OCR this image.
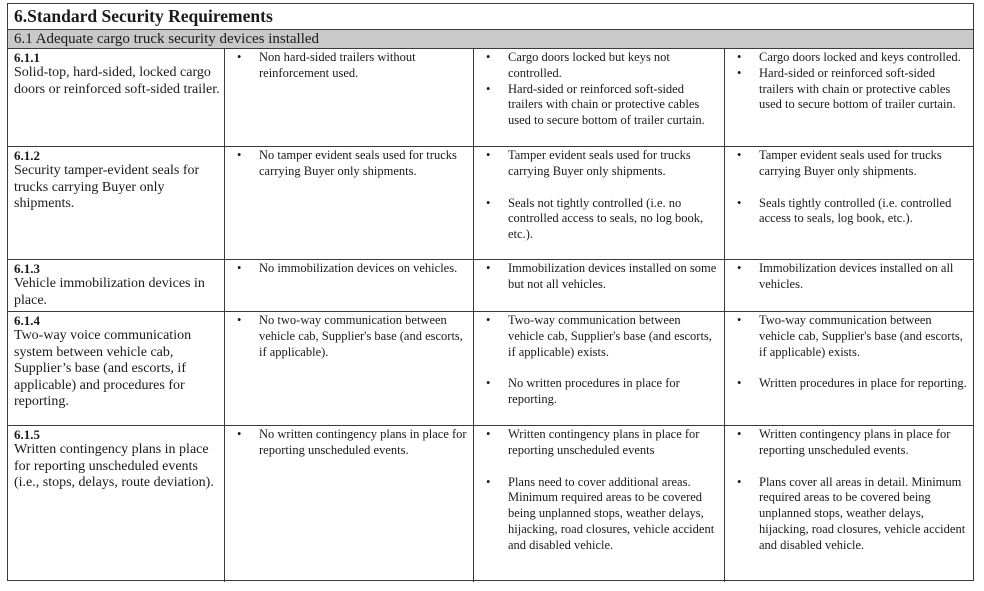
6.Standard Security Requirements
6.1 Adequate cargo truck security devices installed
6.1.1
Solid-top, hard-sided, locked cargo doors or reinforced soft-sided trailer.
• Non hard-sided trailers without reinforcement used.
• Cargo doors locked but keys not controlled.
• Hard-sided or reinforced soft-sided trailers with chain or protective cables used to secure bottom of trailer curtain.
• Cargo doors locked and keys controlled.
• Hard-sided or reinforced soft-sided trailers with chain or protective cables used to secure bottom of trailer curtain.
6.1.2
Security tamper-evident seals for trucks carrying Buyer only shipments.
• No tamper evident seals used for trucks carrying Buyer only shipments.
• Tamper evident seals used for trucks carrying Buyer only shipments.
• Seals not tightly controlled (i.e. no controlled access to seals, no log book, etc.).
• Tamper evident seals used for trucks carrying Buyer only shipments.
• Seals tightly controlled (i.e. controlled access to seals, log book, etc.).
6.1.3
Vehicle immobilization devices in place.
• No immobilization devices on vehicles.
•	Immobilization devices installed on some but not all vehicles.
• Immobilization devices installed on all vehicles.
6.1.4
Two-way voice communication system between vehicle cab, Supplier’s base (and escorts, if applicable) and procedures for reporting.
• No two-way communication between vehicle cab, Supplier's base (and escorts, if applicable).
• Two-way communication between vehicle cab, Supplier's base (and escorts, if applicable) exists.
• No written procedures in place for reporting.
• Two-way communication between vehicle cab, Supplier's base (and escorts, if applicable) exists.
• Written procedures in place for reporting.
6.1.5
Written contingency plans in place for reporting unscheduled events (i.e., stops, delays, route deviation).
• No written contingency plans in place for reporting unscheduled events.
• Written contingency plans in place for reporting unscheduled events
• Plans need to cover additional areas. Minimum required areas to be covered being unplanned stops, weather delays, hijacking, road closures, vehicle accident and disabled vehicle.
• Written contingency plans in place for reporting unscheduled events.
• Plans cover all areas in detail. Minimum required areas to be covered being unplanned stops, weather delays, hijacking, road closures, vehicle accident and disabled vehicle.
